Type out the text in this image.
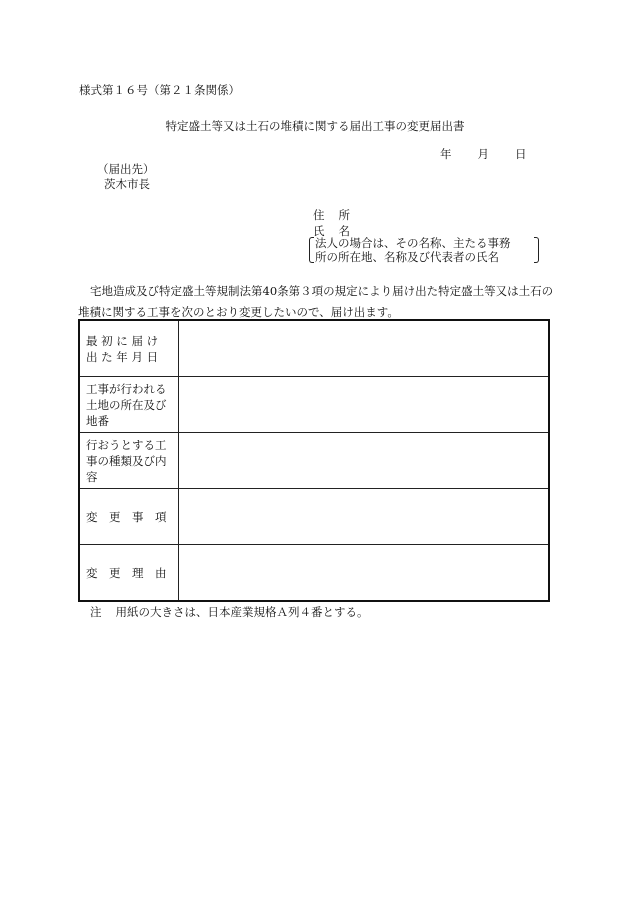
様式第１６号（第２１条関係）
特定盛土等又は土石の堆積に関する届出工事の変更届出書
年 月 日
（届出先）
茨木市長
住 所
氏 名
法人の場合は、その名称、主たる事務
所の所在地、名称及び代表者の氏名
宅地造成及び特定盛土等規制法第40条第３項の規定により届け出た特定盛土等又は土石の
堆積に関する工事を次のとおり変更したいので、届け出ます。
最 初 に 届 け
出 た 年 月 日	

工事が行われる
土地の所在及び
地番	

行おうとする工
事の種類及び内
容	

変　更　事　項	

変　更　理　由	

注 用紙の大きさは、日本産業規格Ａ列４番とする。
